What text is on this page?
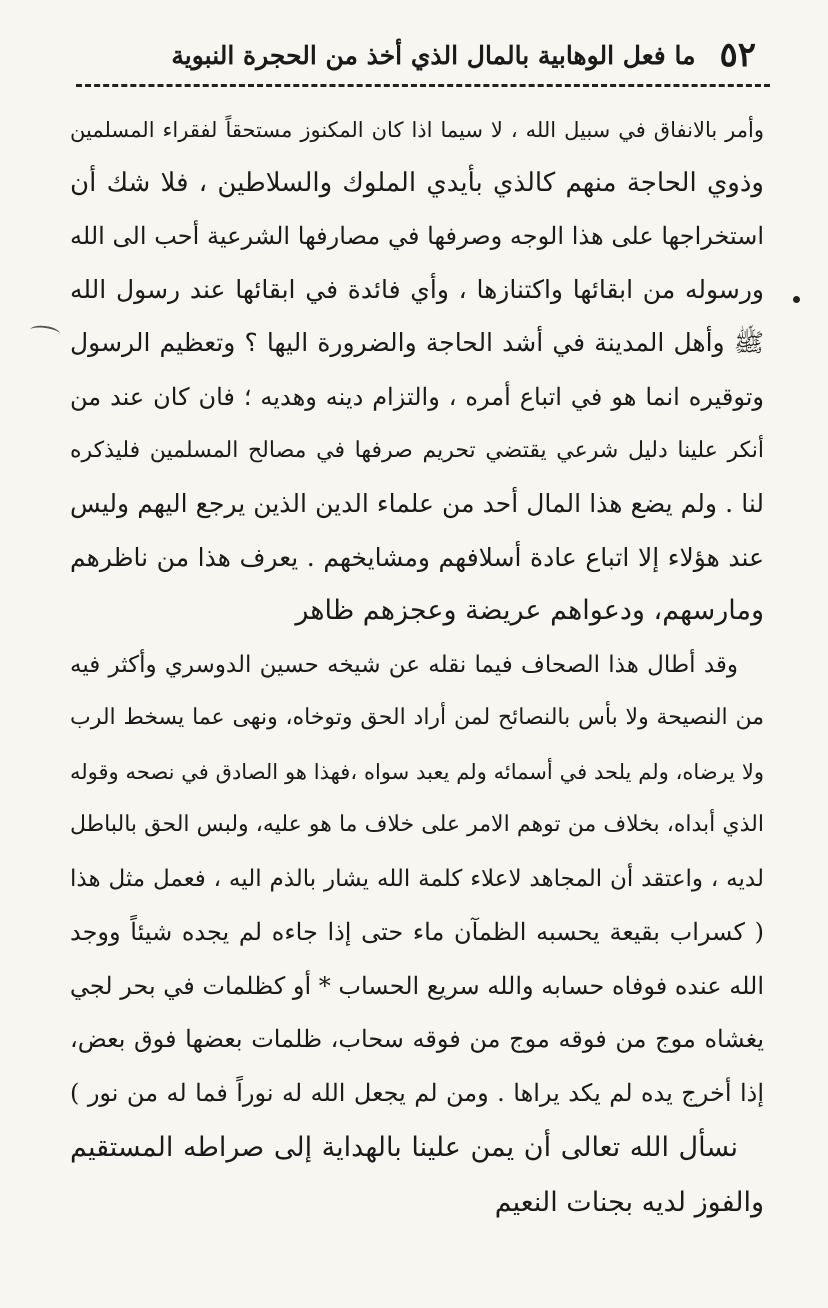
٥٢
ما فعل الوهابية بالمال الذي أخذ من الحجرة النبوية
وأمر بالانفاق في سبيل الله ، لا سيما اذا كان المكنوز مستحقاً لفقراء المسلمين
وذوي الحاجة منهم كالذي بأيدي الملوك والسلاطين ، فلا شك أن
استخراجها على هذا الوجه وصرفها في مصارفها الشرعية أحب الى الله
ورسوله من ابقائها واكتنازها ، وأي فائدة في ابقائها عند رسول الله
ﷺ وأهل المدينة في أشد الحاجة والضرورة اليها ؟ وتعظيم الرسول
وتوقيره انما هو في اتباع أمره ، والتزام دينه وهديه ؛ فان كان عند من
أنكر علينا دليل شرعي يقتضي تحريم صرفها في مصالح المسلمين فليذكره
لنا . ولم يضع هذا المال أحد من علماء الدين الذين يرجع اليهم وليس
عند هؤلاء إلا اتباع عادة أسلافهم ومشايخهم . يعرف هذا من ناظرهم
ومارسهم، ودعواهم عريضة وعجزهم ظاهر
وقد أطال هذا الصحاف فيما نقله عن شيخه حسين الدوسري وأكثر فيه
من النصيحة ولا بأس بالنصائح لمن أراد الحق وتوخاه، ونهى عما يسخط الرب
ولا يرضاه، ولم يلحد في أسمائه ولم يعبد سواه ،فهذا هو الصادق في نصحه وقوله
الذي أبداه، بخلاف من توهم الامر على خلاف ما هو عليه، ولبس الحق بالباطل
لديه ، واعتقد أن المجاهد لاعلاء كلمة الله يشار بالذم اليه ، فعمل مثل هذا
( كسراب بقيعة يحسبه الظمآن ماء حتى إذا جاءه لم يجده شيئاً ووجد
الله عنده فوفاه حسابه والله سريع الحساب * أو كظلمات في بحر لجي
يغشاه موج من فوقه موج من فوقه سحاب، ظلمات بعضها فوق بعض،
إذا أخرج يده لم يكد يراها . ومن لم يجعل الله له نوراً فما له من نور )
نسأل الله تعالى أن يمن علينا بالهداية إلى صراطه المستقيم
والفوز لديه بجنات النعيم
